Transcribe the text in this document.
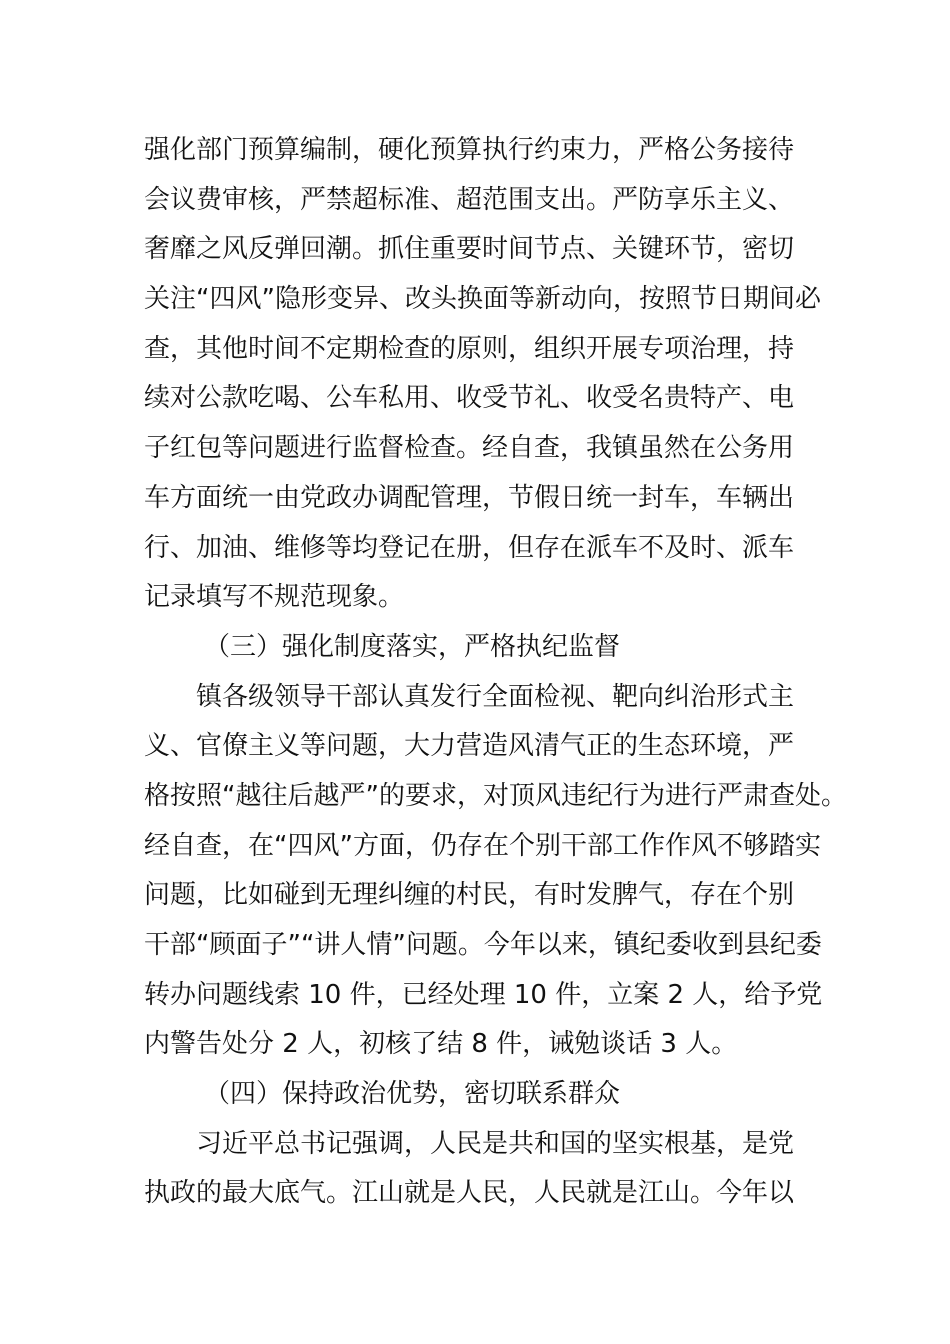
强化部门预算编制，硬化预算执行约束力，严格公务接待
会议费审核，严禁超标准、超范围支出。严防享乐主义、
奢靡之风反弹回潮。抓住重要时间节点、关键环节，密切
关注“四风”隐形变异、改头换面等新动向，按照节日期间必
查，其他时间不定期检查的原则，组织开展专项治理，持
续对公款吃喝、公车私用、收受节礼、收受名贵特产、电
子红包等问题进行监督检查。经自查，我镇虽然在公务用
车方面统一由党政办调配管理，节假日统一封车，车辆出
行、加油、维修等均登记在册，但存在派车不及时、派车
记录填写不规范现象。
（三）强化制度落实，严格执纪监督
镇各级领导干部认真发行全面检视、靶向纠治形式主
义、官僚主义等问题，大力营造风清气正的生态环境，严
格按照“越往后越严”的要求，对顶风违纪行为进行严肃查处。
经自查，在“四风”方面，仍存在个别干部工作作风不够踏实
问题，比如碰到无理纠缠的村民，有时发脾气，存在个别
干部“顾面子”“讲人情”问题。今年以来，镇纪委收到县纪委
转办问题线索 10 件，已经处理 10 件，立案 2 人，给予党
内警告处分 2 人，初核了结 8 件，诫勉谈话 3 人。
（四）保持政治优势，密切联系群众
习近平总书记强调，人民是共和国的坚实根基，是党
执政的最大底气。江山就是人民，人民就是江山。今年以
